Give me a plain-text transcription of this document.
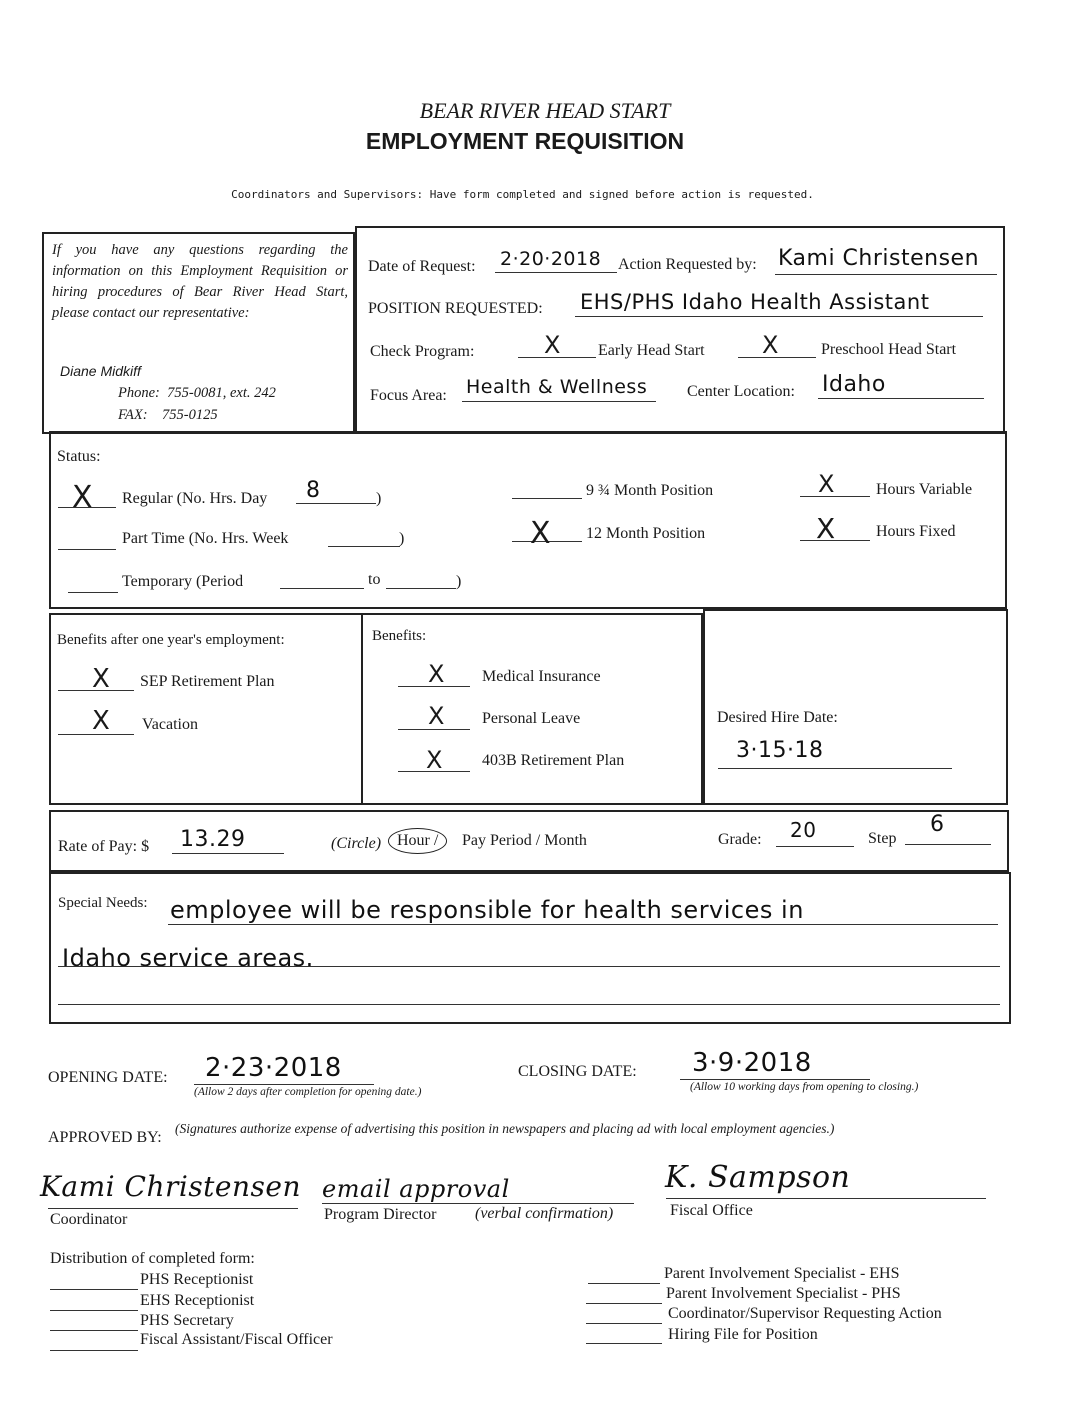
BEAR RIVER HEAD START
EMPLOYMENT REQUISITION
Coordinators and Supervisors: Have form completed and signed before action is requested.
If you have any questions regarding the information on this Employment Requisition or hiring procedures of Bear River Head Start, please contact our representative:
Diane Midkiff
Phone:  755-0081, ext. 242
FAX:    755-0125
Date of Request: 2·20·2018 Action Requested by: Kami Christensen
POSITION REQUESTED: EHS/PHS Idaho Health Assistant
Check Program:	X Early Head Start X	Preschool Head Start
Focus Area: Health & Wellness Center Location: Idaho
Status:
X Regular (No. Hrs. Day 8	)
Part Time (No. Hrs. Week	)
Temporary (Period	to	)
9 ¾ Month Position
X 12 Month Position
X	Hours Variable
X	Hours Fixed
Benefits after one year's employment:
X SEP Retirement Plan
X Vacation
Benefits:
X Medical Insurance
X Personal Leave
X 403B Retirement Plan
Desired Hire Date:
3·15·18
Rate of Pay: $ 13.29	(Circle) Hour /	Pay Period / Month	Grade: 20	Step
6
Special Needs: employee will be responsible for health services in
Idaho service areas.
OPENING DATE: 2·23·2018
(Allow 2 days after completion for opening date.)
CLOSING DATE: 3·9·2018
(Allow 10 working days from opening to closing.)
APPROVED BY:
(Signatures authorize expense of advertising this position in newspapers and placing ad with local employment agencies.)
Kami Christensen
Coordinator
email approval
Program Director (verbal confirmation)
K. Sampson
Fiscal Office
Distribution of completed form:
PHS Receptionist
EHS Receptionist
PHS Secretary
Fiscal Assistant/Fiscal Officer
Parent Involvement Specialist - EHS
Parent Involvement Specialist - PHS
Coordinator/Supervisor Requesting Action
Hiring File for Position
